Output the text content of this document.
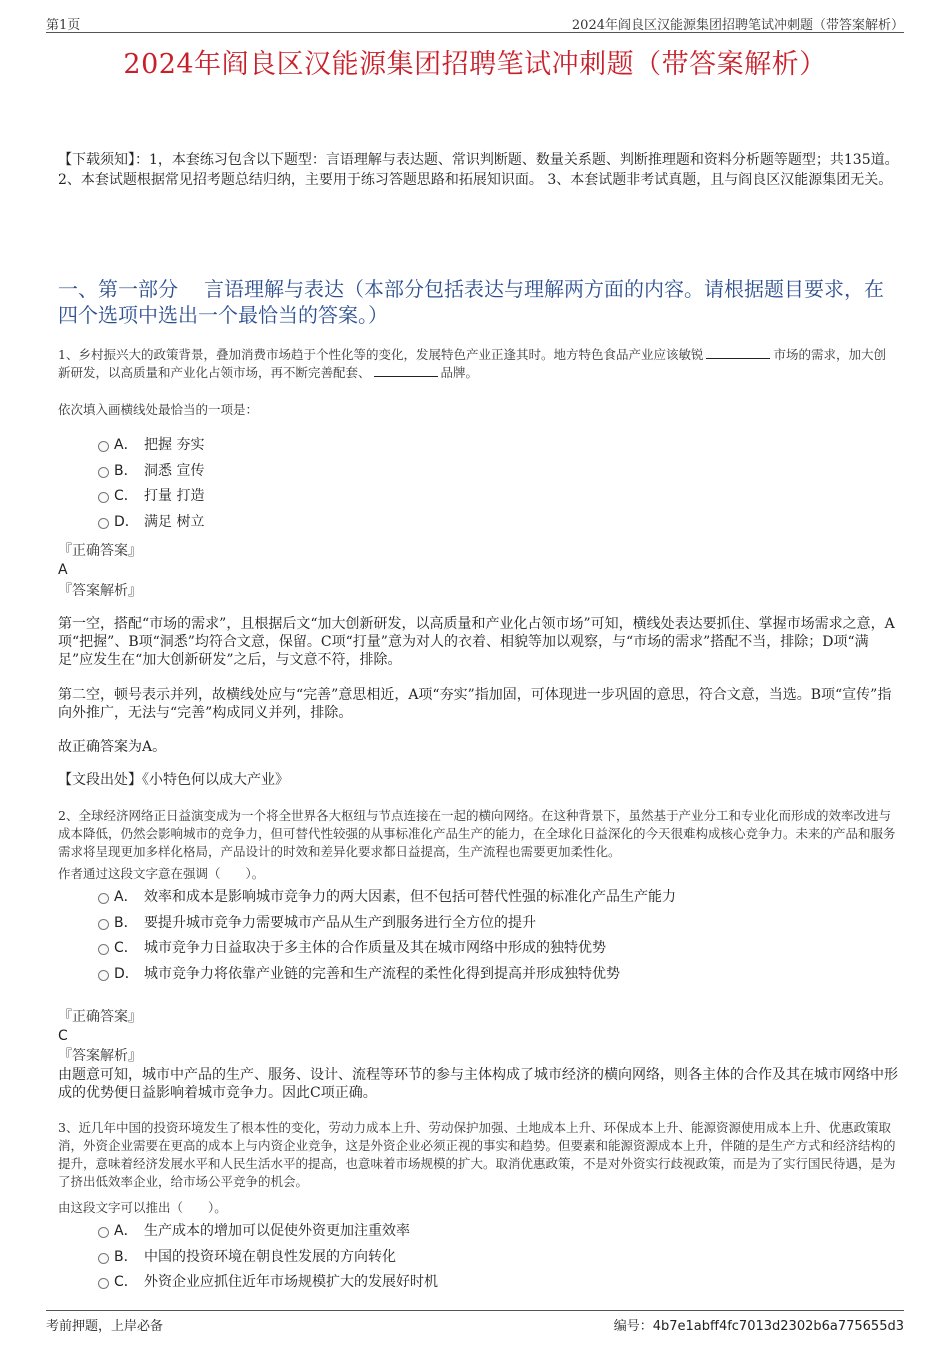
第1页	2024年阎良区汉能源集团招聘笔试冲刺题（带答案解析）
2024年阎良区汉能源集团招聘笔试冲刺题（带答案解析）
【下载须知】：1，本套练习包含以下题型：言语理解与表达题、常识判断题、数量关系题、判断推理题和资料分析题等题型；共135道。 2、本套试题根据常见招考题总结归纳，主要用于练习答题思路和拓展知识面。 3、本套试题非考试真题，且与阎良区汉能源集团无关。
一、第一部分 言语理解与表达（本部分包括表达与理解两方面的内容。请根据题目要求，在四个选项中选出一个最恰当的答案。）
1、乡村振兴大的政策背景，叠加消费市场趋于个性化等的变化，发展特色产业正逢其时。地方特色食品产业应该敏锐	市场的需求，加大创新研发，以高质量和产业化占领市场，再不断完善配套、	品牌。
依次填入画横线处最恰当的一项是：
A． 把握 夯实
B． 洞悉 宣传
C． 打量 打造
D． 满足 树立
『正确答案』
A
『答案解析』
第一空，搭配“市场的需求”，且根据后文“加大创新研发，以高质量和产业化占领市场”可知，横线处表达要抓住、掌握市场需求之意，A项“把握”、B项“洞悉”均符合文意，保留。C项“打量”意为对人的衣着、相貌等加以观察，与“市场的需求”搭配不当，排除；D项“满足”应发生在“加大创新研发”之后，与文意不符，排除。
第二空，顿号表示并列，故横线处应与“完善”意思相近，A项“夯实”指加固，可体现进一步巩固的意思，符合文意，当选。B项“宣传”指向外推广，无法与“完善”构成同义并列，排除。
故正确答案为A。
【文段出处】《小特色何以成大产业》
2、全球经济网络正日益演变成为一个将全世界各大枢纽与节点连接在一起的横向网络。在这种背景下，虽然基于产业分工和专业化而形成的效率改进与成本降低，仍然会影响城市的竞争力，但可替代性较强的从事标准化产品生产的能力，在全球化日益深化的今天很难构成核心竞争力。未来的产品和服务需求将呈现更加多样化格局，产品设计的时效和差异化要求都日益提高，生产流程也需要更加柔性化。
作者通过这段文字意在强调（　　）。
A． 效率和成本是影响城市竞争力的两大因素，但不包括可替代性强的标准化产品生产能力
B． 要提升城市竞争力需要城市产品从生产到服务进行全方位的提升
C． 城市竞争力日益取决于多主体的合作质量及其在城市网络中形成的独特优势
D． 城市竞争力将依靠产业链的完善和生产流程的柔性化得到提高并形成独特优势
『正确答案』
C
『答案解析』
由题意可知，城市中产品的生产、服务、设计、流程等环节的参与主体构成了城市经济的横向网络，则各主体的合作及其在城市网络中形成的优势便日益影响着城市竞争力。因此C项正确。
3、近几年中国的投资环境发生了根本性的变化，劳动力成本上升、劳动保护加强、土地成本上升、环保成本上升、能源资源使用成本上升、优惠政策取消，外资企业需要在更高的成本上与内资企业竞争，这是外资企业必须正视的事实和趋势。但要素和能源资源成本上升，伴随的是生产方式和经济结构的提升，意味着经济发展水平和人民生活水平的提高，也意味着市场规模的扩大。取消优惠政策，不是对外资实行歧视政策，而是为了实行国民待遇，是为了挤出低效率企业，给市场公平竞争的机会。
由这段文字可以推出（　　）。
A． 生产成本的增加可以促使外资更加注重效率
B． 中国的投资环境在朝良性发展的方向转化
C． 外资企业应抓住近年市场规模扩大的发展好时机
考前押题，上岸必备	编号：4b7e1abff4fc7013d2302b6a775655d3
